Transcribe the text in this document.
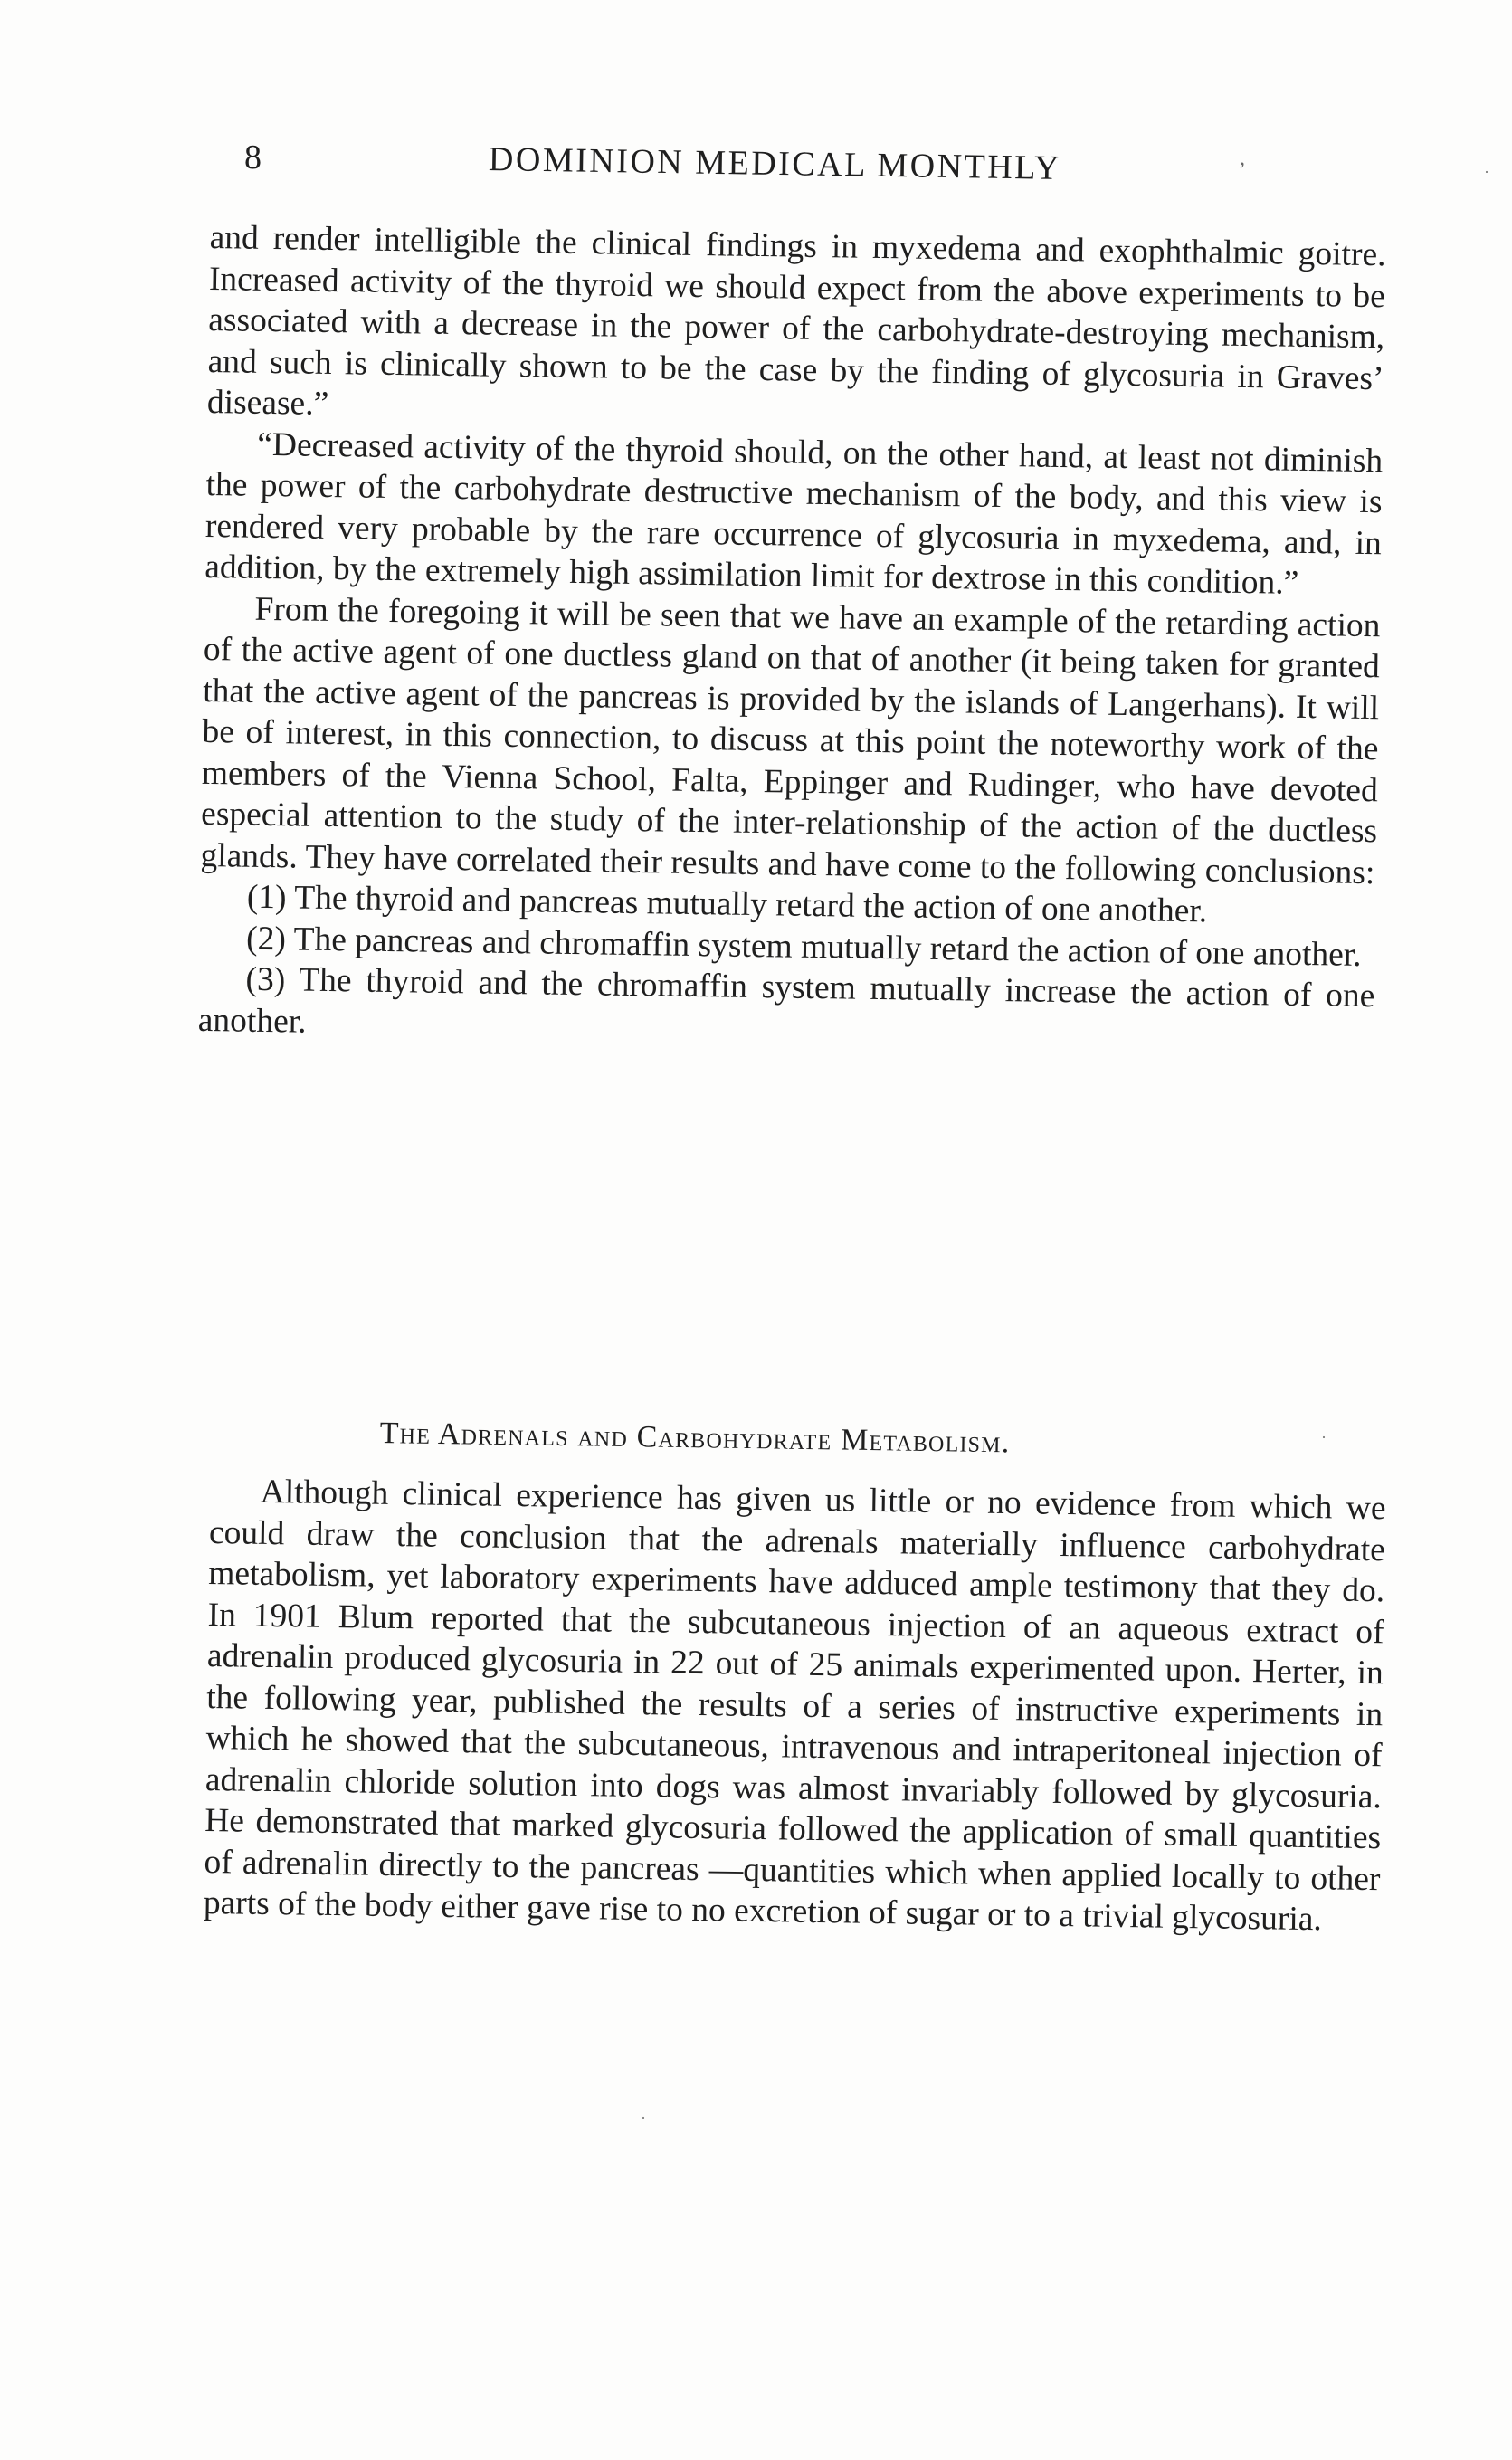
8	DOMINION MEDICAL MONTHLY	,

and render intelligible the clinical findings in myxedema and exophthalmic goitre. Increased activity of the thyroid we should expect from the above experiments to be associated with a decrease in the power of the carbohydrate-destroying mechanism, and such is clinically shown to be the case by the finding of glycosuria in Graves’ disease.”

“Decreased activity of the thyroid should, on the other hand, at least not diminish the power of the carbohydrate destructive mechanism of the body, and this view is rendered very probable by the rare occurrence of glycosuria in myxedema, and, in addition, by the extremely high assimilation limit for dextrose in this condition.”

From the foregoing it will be seen that we have an example of the retarding action of the active agent of one ductless gland on that of another (it being taken for granted that the active agent of the pancreas is provided by the islands of Langerhans). It will be of interest, in this connection, to discuss at this point the noteworthy work of the members of the Vienna School, Falta, Eppinger and Rudinger, who have devoted especial attention to the study of the inter-relationship of the action of the ductless glands. They have correlated their results and have come to the following conclusions:

(1) The thyroid and pancreas mutually retard the action of one another.

(2) The pancreas and chromaffin system mutually retard the action of one another.

(3) The thyroid and the chromaffin system mutually increase the action of one another.

The Adrenals and Carbohydrate Metabolism.

Although clinical experience has given us little or no evidence from which we could draw the conclusion that the adrenals materially influence carbohydrate metabolism, yet laboratory experiments have adduced ample testimony that they do. In 1901 Blum reported that the subcutaneous injection of an aqueous extract of adrenalin produced glycosuria in 22 out of 25 animals experimented upon. Herter, in the following year, published the results of a series of instructive experiments in which he showed that the subcutaneous, intravenous and intraperitoneal injection of adrenalin chloride solution into dogs was almost invariably followed by glycosuria. He demonstrated that marked glycosuria followed the application of small quantities of adrenalin directly to the pancreas —quantities which when applied locally to other parts of the body either gave rise to no excretion of sugar or to a trivial glycosuria.

·
·
·
